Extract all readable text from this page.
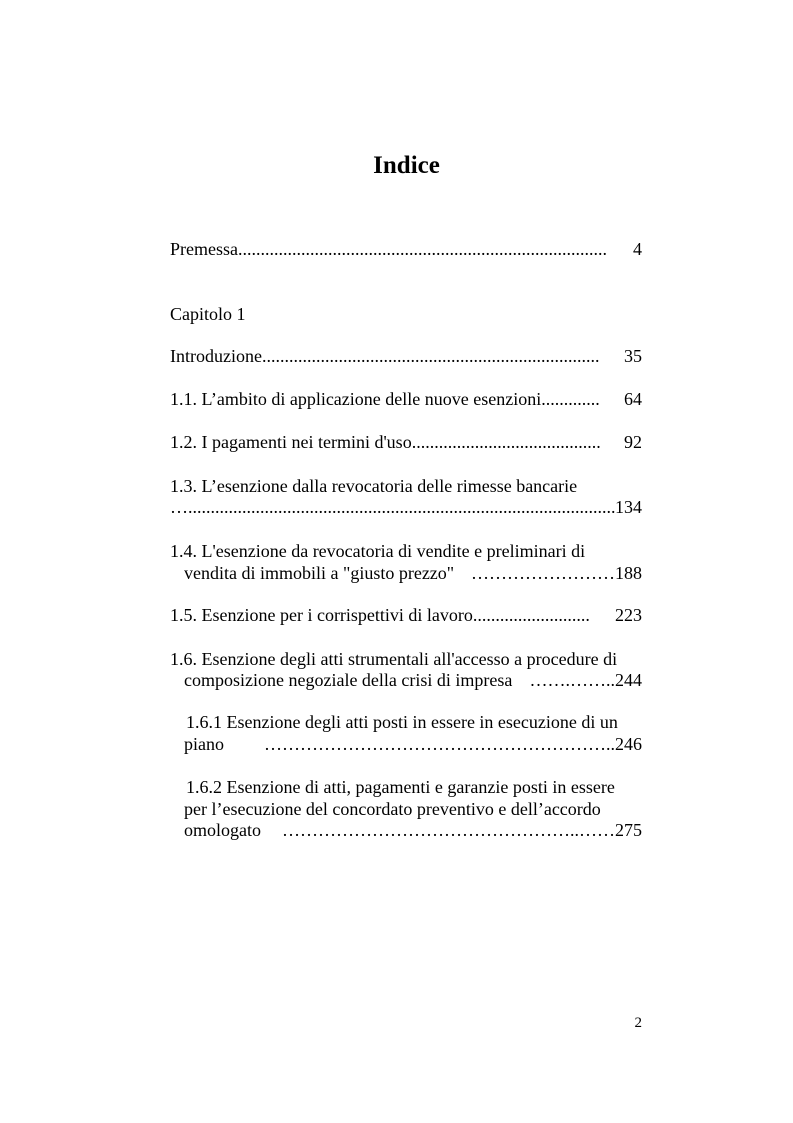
Indice
Premessa ..................................................................................	4
Capitolo 1
Introduzione ...........................................................................	35
1.1. L’ambito di applicazione delle nuove esenzioni .............	64
1.2. I pagamenti nei termini d'uso ..........................................	92
1.3. L’esenzione dalla revocatoria delle rimesse bancarie
…............................................................................................... 134
1.4. L'esenzione da revocatoria di vendite e preliminari di
vendita di immobili a "giusto prezzo" …………………… 188
1.5. Esenzione per i corrispettivi di lavoro ..........................	223
1.6. Esenzione degli atti strumentali all'accesso a procedure di
composizione negoziale della crisi di impresa …….…….. 244
1.6.1 Esenzione degli atti posti in essere in esecuzione di un
piano	………………………………………………….. 246
1.6.2 Esenzione di atti, pagamenti e garanzie posti in essere
per l’esecuzione del concordato preventivo e dell’accordo
omologato	…………………………………………..…… 275
2
